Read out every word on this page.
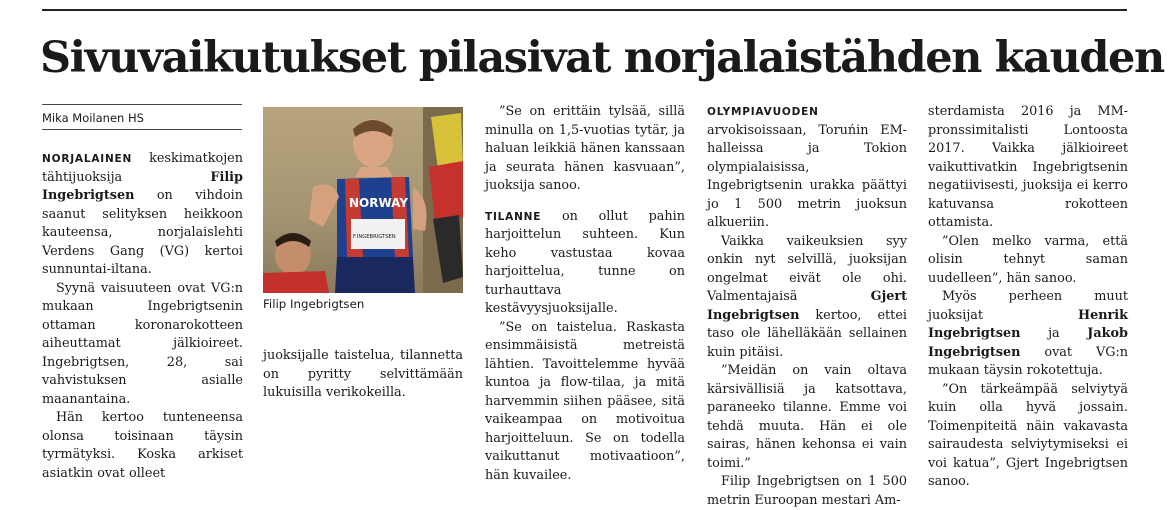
Sivuvaikutukset pilasivat norjalaistähden kauden
Mika Moilanen HS

NORJALAINEN keskimatkojen tähtijuoksija Filip Ingebrigtsen on vihdoin saanut selityksen heikkoon kauteensa, norjalaislehti Verdens Gang (VG) kertoi sunnuntai-iltana.

Syynä vaisuuteen ovat VG:n mukaan Ingebrigtsenin ottaman koronarokotteen aiheuttamat jälkioireet. Ingebrigtsen, 28, sai vahvistuksen asialle maanantaina.

Hän kertoo tunteneensa olonsa toisinaan täysin tyrmätyksi. Koska arkiset asiatkin ovat olleet

NORWAY
F.INGEBRIGTSEN
Filip Ingebrigtsen

juoksijalle taistelua, tilannetta on pyritty selvittämään lukuisilla verikokeilla.

”Se on erittäin tylsää, sillä minulla on 1,5-vuotias tytär, ja haluan leikkiä hänen kanssaan ja seurata hänen kasvuaan”, juoksija sanoo.

TILANNE on ollut pahin harjoittelun suhteen. Kun keho vastustaa kovaa harjoittelua, tunne on turhauttava kestävyysjuoksijalle.

”Se on taistelua. Raskasta ensimmäisistä metreistä lähtien. Tavoittelemme hyvää kuntoa ja flow-tilaa, ja mitä harvemmin siihen pääsee, sitä vaikeampaa on motivoitua harjoitteluun. Se on todella vaikuttanut motivaatioon”, hän kuvailee.

OLYMPIAVUODEN arvokisoissaan, Toruńin EM-halleissa ja Tokion olympialaisissa, Ingebrigtsenin urakka päättyi jo 1 500 metrin juoksun alkueriin.

Vaikka vaikeuksien syy onkin nyt selvillä, juoksijan ongelmat eivät ole ohi. Valmentajaisä Gjert Ingebrigtsen kertoo, ettei taso ole lähelläkään sellainen kuin pitäisi.

”Meidän on vain oltava kärsivällisiä ja katsottava, paraneeko tilanne. Emme voi tehdä muuta. Hän ei ole sairas, hänen kehonsa ei vain toimi.”

Filip Ingebrigtsen on 1 500 metrin Euroopan mestari Am-

sterdamista 2016 ja MM-pronssimitalisti Lontoosta 2017. Vaikka jälkioireet vaikuttivatkin Ingebrigtsenin negatiivisesti, juoksija ei kerro katuvansa rokotteen ottamista.

”Olen melko varma, että olisin tehnyt saman uudelleen”, hän sanoo.

Myös perheen muut juoksijat Henrik Ingebrigtsen ja Jakob Ingebrigtsen ovat VG:n mukaan täysin rokotettuja.

”On tärkeämpää selviytyä kuin olla hyvä jossain. Toimenpiteitä näin vakavasta sairaudesta selviytymiseksi ei voi katua”, Gjert Ingebrigtsen sanoo.
